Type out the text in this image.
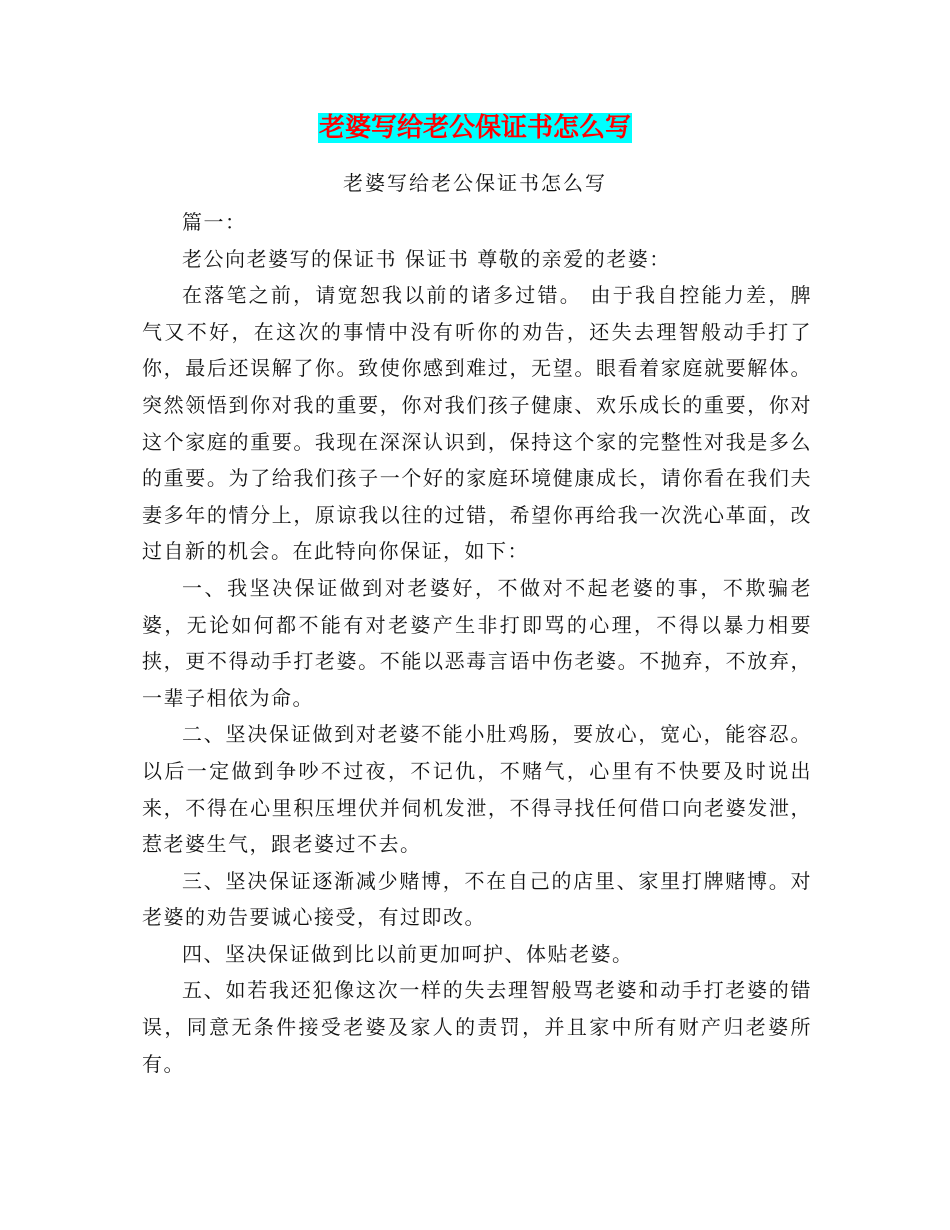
老婆写给老公保证书怎么写
老婆写给老公保证书怎么写

篇一：

老公向老婆写的保证书 保证书 尊敬的亲爱的老婆：

在落笔之前，请宽恕我以前的诸多过错。 由于我自控能力差，脾气又不好，在这次的事情中没有听你的劝告，还失去理智般动手打了你，最后还误解了你。致使你感到难过，无望。眼看着家庭就要解体。突然领悟到你对我的重要，你对我们孩子健康、欢乐成长的重要，你对这个家庭的重要。我现在深深认识到，保持这个家的完整性对我是多么的重要。为了给我们孩子一个好的家庭环境健康成长，请你看在我们夫妻多年的情分上，原谅我以往的过错，希望你再给我一次洗心革面，改过自新的机会。在此特向你保证，如下：

一、我坚决保证做到对老婆好，不做对不起老婆的事，不欺骗老婆，无论如何都不能有对老婆产生非打即骂的心理，不得以暴力相要挟，更不得动手打老婆。不能以恶毒言语中伤老婆。不抛弃，不放弃，一辈子相依为命。

二、坚决保证做到对老婆不能小肚鸡肠，要放心，宽心，能容忍。以后一定做到争吵不过夜，不记仇，不赌气，心里有不快要及时说出来，不得在心里积压埋伏并伺机发泄，不得寻找任何借口向老婆发泄，惹老婆生气，跟老婆过不去。

三、坚决保证逐渐减少赌博，不在自己的店里、家里打牌赌博。对老婆的劝告要诚心接受，有过即改。

四、坚决保证做到比以前更加呵护、体贴老婆。

五、如若我还犯像这次一样的失去理智般骂老婆和动手打老婆的错误，同意无条件接受老婆及家人的责罚，并且家中所有财产归老婆所有。
